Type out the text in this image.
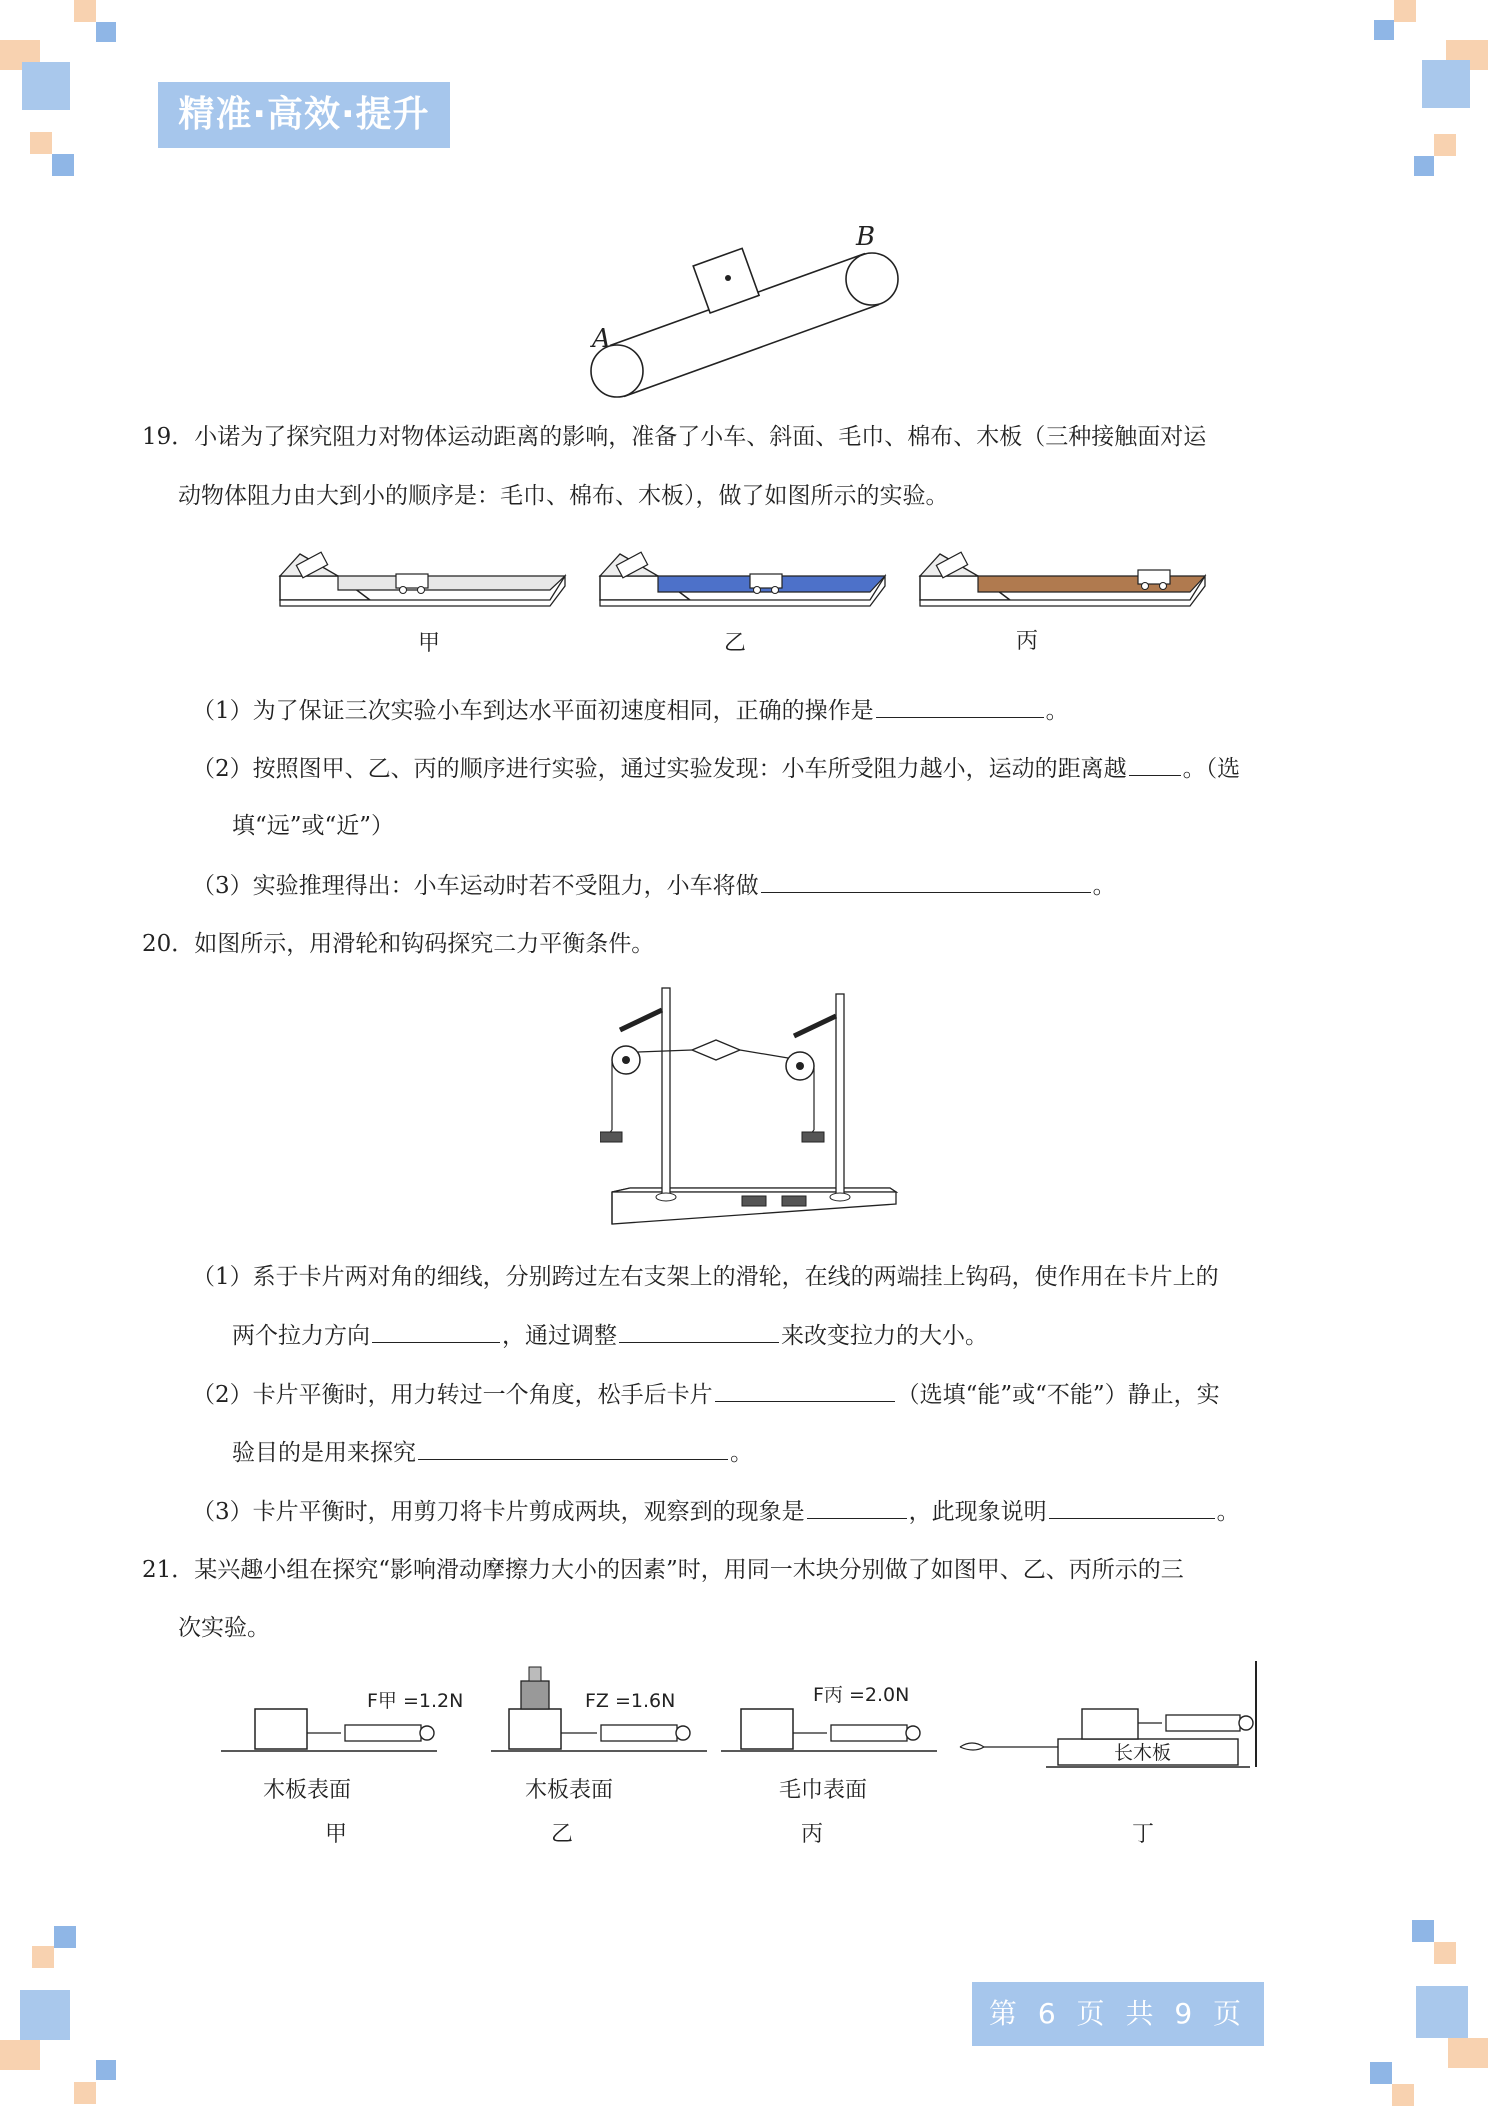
精准·高效·提升
A
B
19．小诺为了探究阻力对物体运动距离的影响，准备了小车、斜面、毛巾、棉布、木板（三种接触面对运
动物体阻力由大到小的顺序是：毛巾、棉布、木板），做了如图所示的实验。
甲	乙	丙
（1）为了保证三次实验小车到达水平面初速度相同，正确的操作是	。
（2）按照图甲、乙、丙的顺序进行实验，通过实验发现：小车所受阻力越小，运动的距离越 。（选
填“远”或“近”）
（3）实验推理得出：小车运动时若不受阻力，小车将做	。
20．如图所示，用滑轮和钩码探究二力平衡条件。
（1）系于卡片两对角的细线，分别跨过左右支架上的滑轮，在线的两端挂上钩码，使作用在卡片上的
两个拉力方向	，通过调整	来改变拉力的大小。
（2）卡片平衡时，用力转过一个角度，松手后卡片	（选填“能”或“不能”）静止，实
验目的是用来探究	。
（3）卡片平衡时，用剪刀将卡片剪成两块，观察到的现象是	，此现象说明	。
21．某兴趣小组在探究“影响滑动摩擦力大小的因素”时，用同一木块分别做了如图甲、乙、丙所示的三
次实验。
F甲 =1.2N
木板表面
甲
FZ =1.6N
木板表面
乙
F丙 =2.0N
毛巾表面
丙
长木板
丁
第 6 页 共 9 页
